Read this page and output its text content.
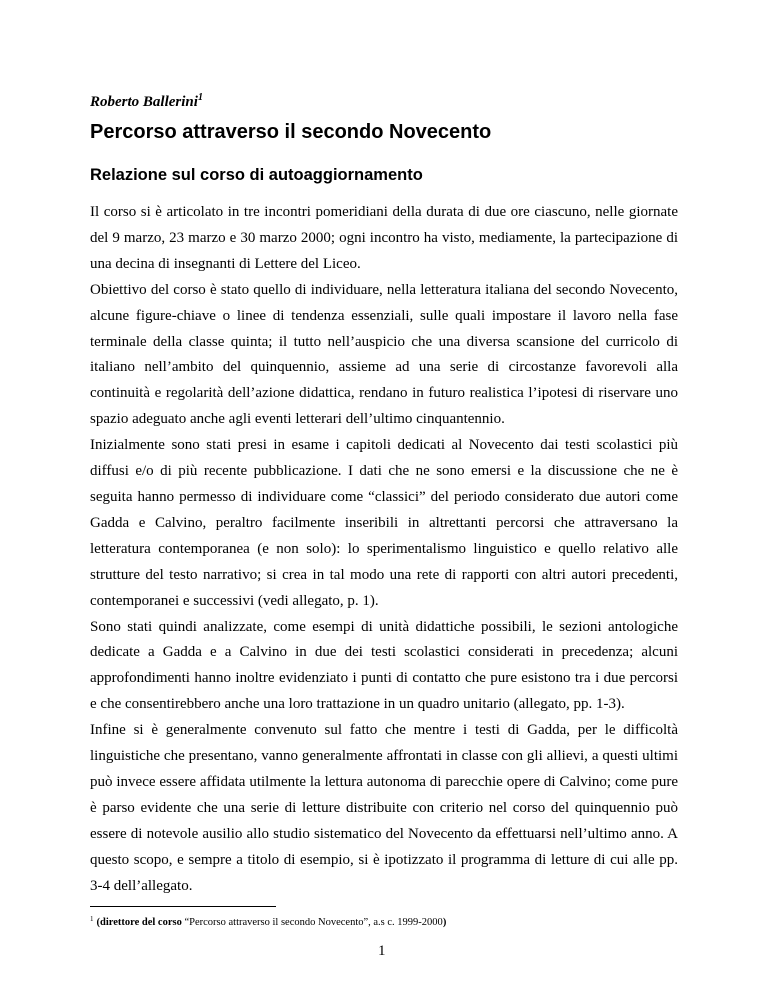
Roberto Ballerini$^1$

Percorso attraverso il secondo Novecento
Relazione sul corso di autoaggiornamento

Il corso si è articolato in tre incontri pomeridiani della durata di due ore ciascuno, nelle giornate del 9 marzo, 23 marzo e 30 marzo 2000; ogni incontro ha visto, mediamente, la partecipazione di una decina di insegnanti di Lettere del Liceo.

Obiettivo del corso è stato quello di individuare, nella letteratura italiana del secondo Novecento, alcune figure-chiave o linee di tendenza essenziali, sulle quali impostare il lavoro nella fase terminale della classe quinta; il tutto nell’auspicio che una diversa scansione del curricolo di italiano nell’ambito del quinquennio, assieme ad una serie di circostanze favorevoli alla continuità e regolarità dell’azione didattica, rendano in futuro realistica l’ipotesi di riservare uno spazio adeguato anche agli eventi letterari dell’ultimo cinquantennio.

Inizialmente sono stati presi in esame i capitoli dedicati al Novecento dai testi scolastici più diffusi e/o di più recente pubblicazione. I dati che ne sono emersi e la discussione che ne è seguita hanno permesso di individuare come “classici” del periodo considerato due autori come Gadda e Calvino, peraltro facilmente inseribili in altrettanti percorsi che attraversano la letteratura contemporanea (e non solo): lo sperimentalismo linguistico e quello relativo alle strutture del testo narrativo; si crea in tal modo una rete di rapporti con altri autori precedenti, contemporanei e successivi (vedi allegato, p. 1).

Sono stati quindi analizzate, come esempi di unità didattiche possibili, le sezioni antologiche dedicate a Gadda e a Calvino in due dei testi scolastici considerati in precedenza; alcuni approfondimenti hanno inoltre evidenziato i punti di contatto che pure esistono tra i due percorsi e che consentirebbero anche una loro trattazione in un quadro unitario (allegato, pp. 1-3).

Infine si è generalmente convenuto sul fatto che mentre i testi di Gadda, per le difficoltà linguistiche che presentano, vanno generalmente affrontati in classe con gli allievi, a questi ultimi può invece essere affidata utilmente la lettura autonoma di parecchie opere di Calvino; come pure è parso evidente che una serie di letture distribuite con criterio nel corso del quinquennio può essere di notevole ausilio allo studio sistematico del Novecento da effettuarsi nell’ultimo anno. A questo scopo, e sempre a titolo di esempio, si è ipotizzato il programma di letture di cui alle pp. 3-4 dell’allegato.

$^1$ (direttore del corso “Percorso attraverso il secondo Novecento”, a.s c. 1999-2000)

1
